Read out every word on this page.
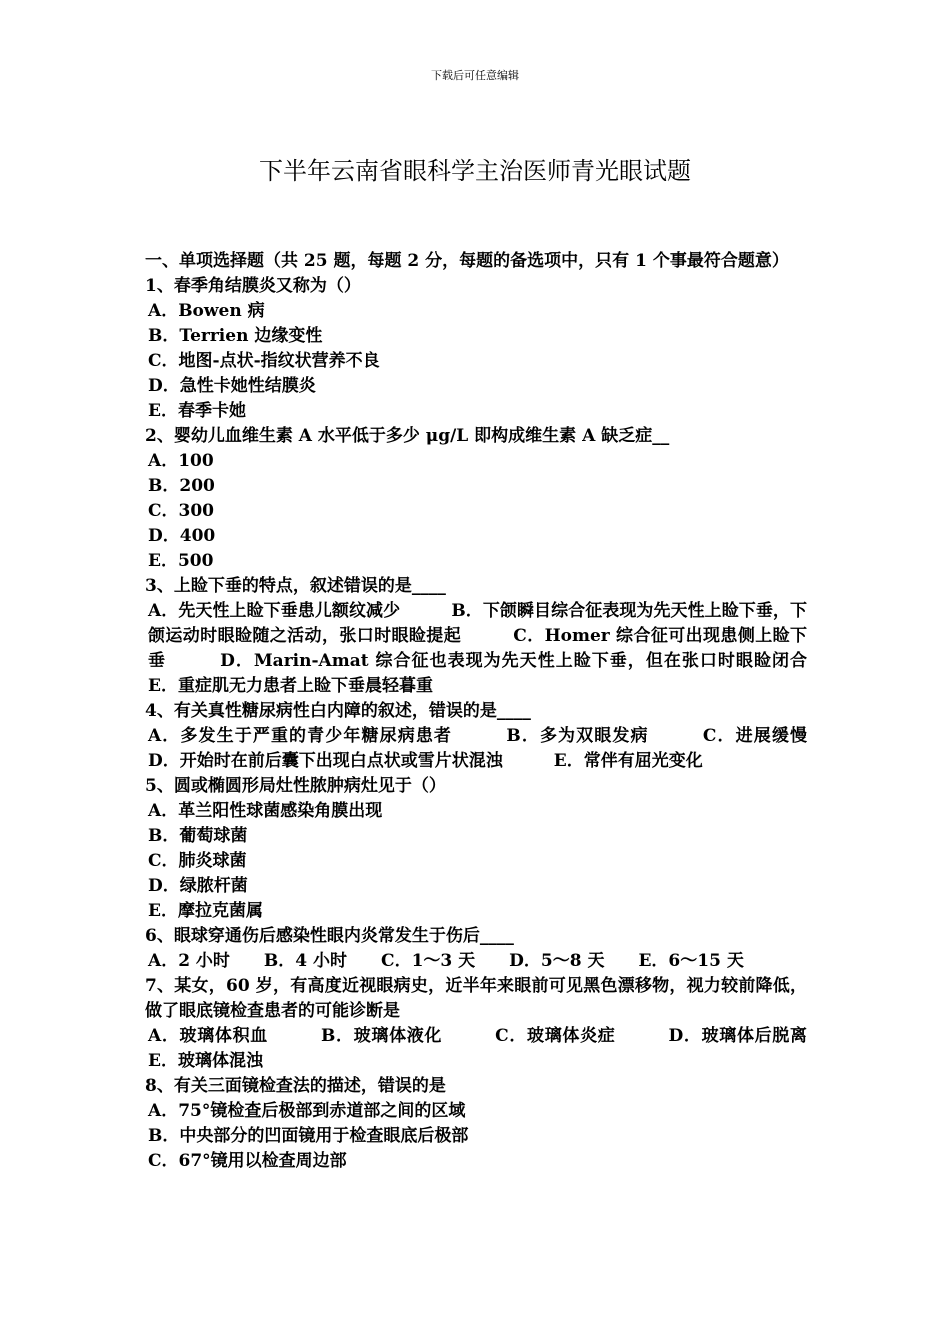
下载后可任意编辑
下半年云南省眼科学主治医师青光眼试题

一、单项选择题（共 25 题，每题 2 分，每题的备选项中，只有 1 个事最符合题意）

1、春季角结膜炎又称为（）

A．Bowen 病

B．Terrien 边缘变性

C．地图-点状-指纹状营养不良

D．急性卡她性结膜炎

E．春季卡她

2、婴幼儿血维生素 A 水平低于多少 μg/L 即构成维生素 A 缺乏症__

A．100

B．200

C．300

D．400

E．500

3、上睑下垂的特点，叙述错误的是____

A．先天性上睑下垂患儿额纹减少　　　B．下颌瞬目综合征表现为先天性上睑下垂，下颌运动时眼睑随之活动，张口时眼睑提起　　　C．Homer 综合征可出现患侧上睑下垂　　　D．Marin-Amat 综合征也表现为先天性上睑下垂，但在张口时眼睑闭合　　　E．重症肌无力患者上睑下垂晨轻暮重

4、有关真性糖尿病性白内障的叙述，错误的是____

A．多发生于严重的青少年糖尿病患者　　　B．多为双眼发病　　　C．进展缓慢　　　D．开始时在前后囊下出现白点状或雪片状混浊　　　E．常伴有屈光变化

5、圆或椭圆形局灶性脓肿病灶见于（）

A．革兰阳性球菌感染角膜出现

B．葡萄球菌

C．肺炎球菌

D．绿脓杆菌

E．摩拉克菌属

6、眼球穿通伤后感染性眼内炎常发生于伤后____

A．2 小时　　B．4 小时　　C．1～3 天　　D．5～8 天　　E．6～15 天

7、某女，60 岁，有高度近视眼病史，近半年来眼前可见黑色漂移物，视力较前降低，做了眼底镜检查患者的可能诊断是

A．玻璃体积血　　　B．玻璃体液化　　　C．玻璃体炎症　　　D．玻璃体后脱离　　　E．玻璃体混浊

8、有关三面镜检查法的描述，错误的是

A．75°镜检查后极部到赤道部之间的区域

B．中央部分的凹面镜用于检查眼底后极部

C．67°镜用以检查周边部
